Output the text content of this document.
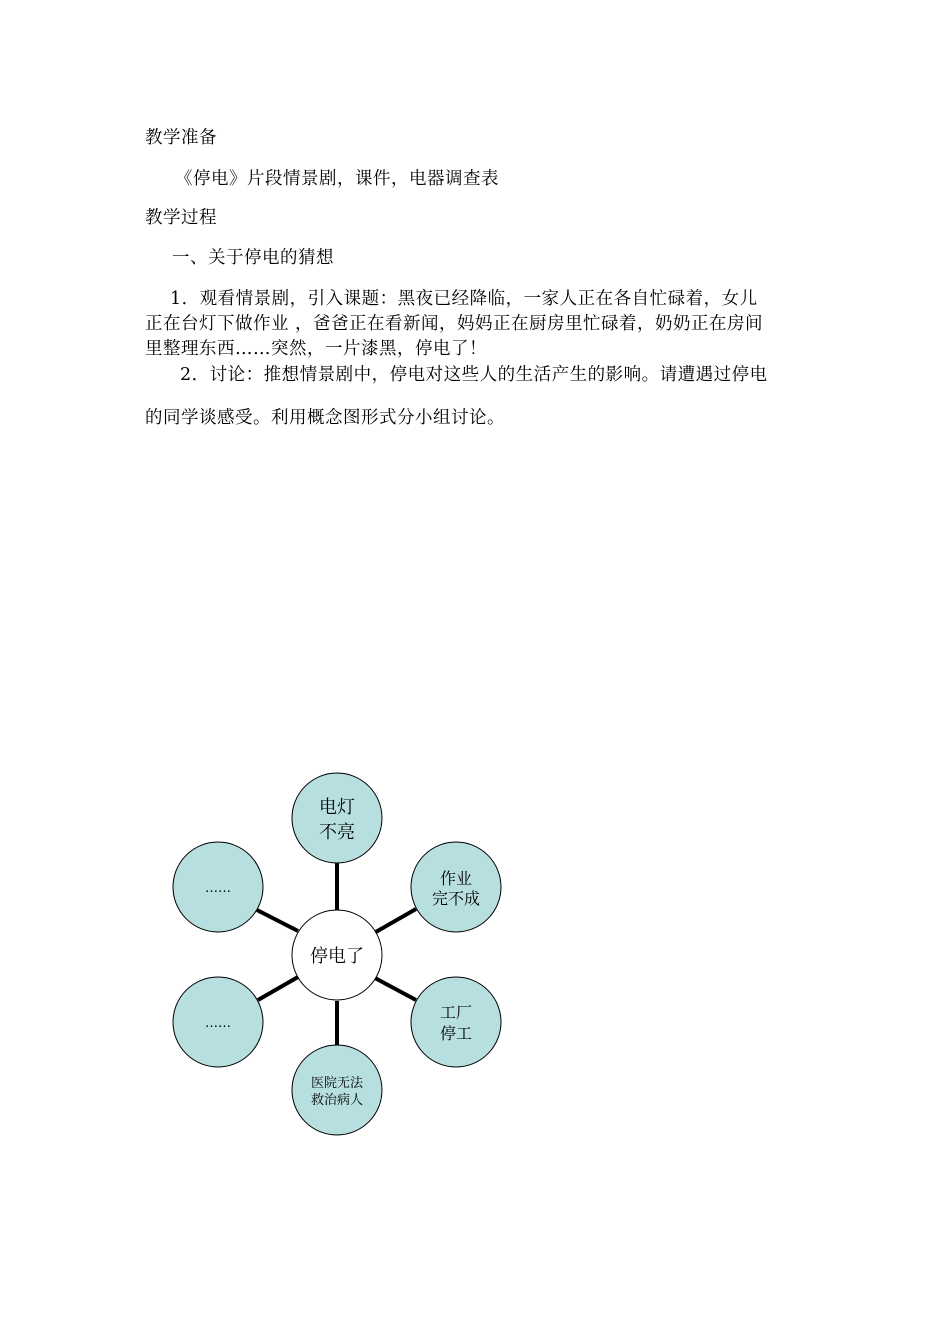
教学准备
《停电》片段情景剧，课件，电器调查表
教学过程
一、关于停电的猜想
1．观看情景剧，引入课题：黑夜已经降临，一家人正在各自忙碌着，女儿
正在台灯下做作业 ，爸爸正在看新闻，妈妈正在厨房里忙碌着，奶奶正在房间
里整理东西……突然，一片漆黑，停电了！
2．讨论：推想情景剧中，停电对这些人的生活产生的影响。请遭遇过停电
的同学谈感受。利用概念图形式分小组讨论。
电灯
不亮
作业
完不成
工厂
停工
医院无法
救治病人
……
……
停电了
